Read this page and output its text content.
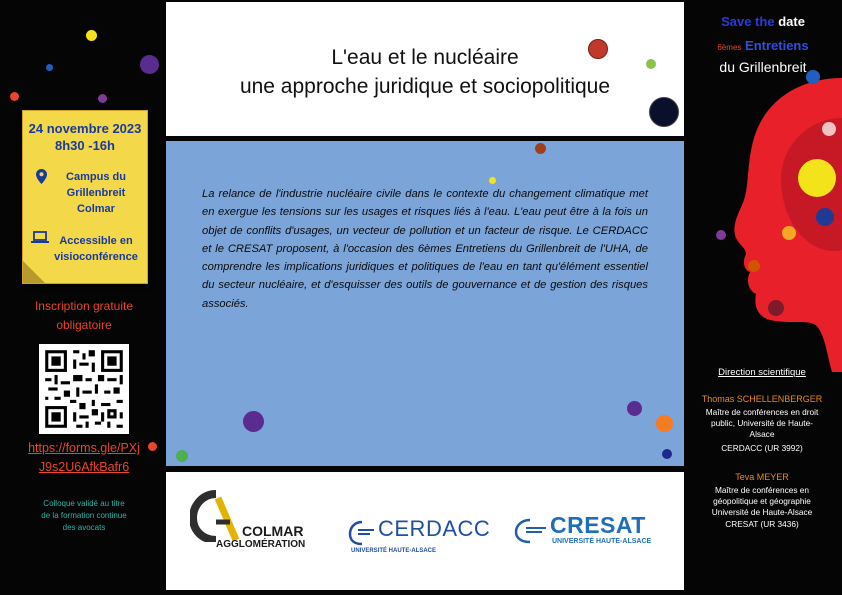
24 novembre 2023
8h30 -16h
Campus du
Grillenbreit
Colmar
Accessible en
visioconférence
Inscription gratuite
obligatoire
https://forms.gle/PXj
J9s2U6AfkBafr6
Colloque validé au titre
de la formation continue
des avocats
L'eau et le nucléaire
une approche juridique et sociopolitique
La relance de l'industrie nucléaire civile dans le contexte du changement climatique met en exergue les tensions sur les usages et risques liés à l'eau. L'eau peut être à la fois un objet de conflits d'usages, un vecteur de pollution et un facteur de risque. Le CERDACC et le CRESAT proposent, à l'occasion des 6èmes Entretiens du Grillenbreit de l'UHA, de comprendre les implications juridiques et politiques de l'eau en tant qu'élément essentiel du secteur nucléaire, et d'esquisser des outils de gouvernance et de gestion des risques associés.
COLMAR
AGGLOMÉRATION
CERDACC
UNIVERSITÉ HAUTE-ALSACE
CRESAT
UNIVERSITÉ HAUTE-ALSACE
Save the date
6èmes Entretiens
du Grillenbreit
Direction scientifique
Thomas SCHELLENBERGER
Maître de conférences en droit
public, Université de Haute-
Alsace
CERDACC (UR 3992)
Teva MEYER
Maître de conférences en
géopolitique et géographie
Université de Haute-Alsace
CRESAT (UR 3436)
